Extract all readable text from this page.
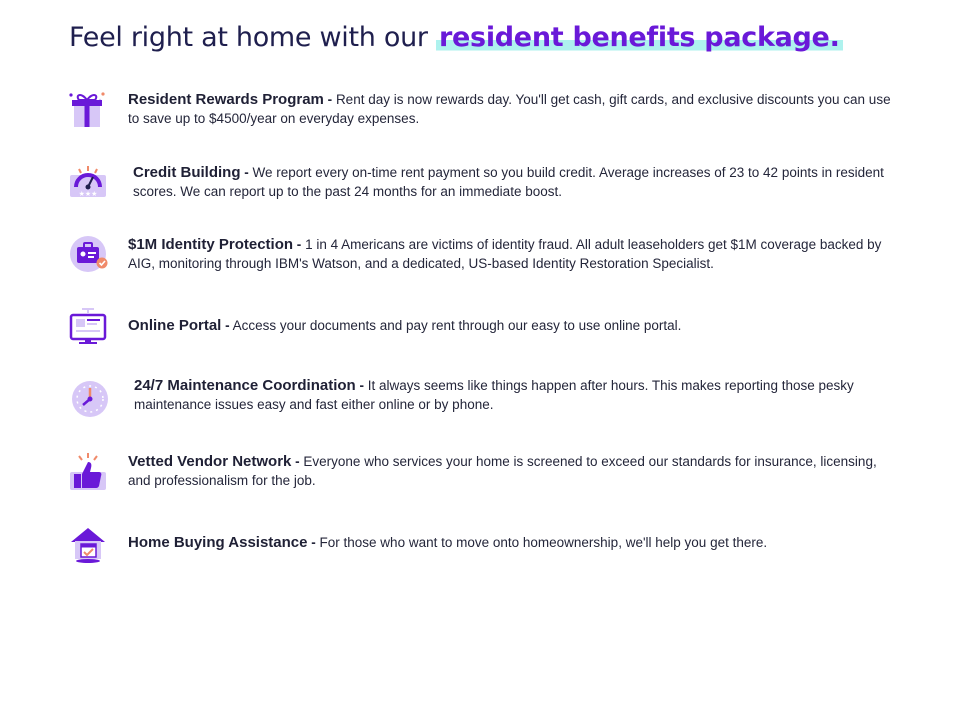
Feel right at home with our resident benefits package.

Resident Rewards Program - Rent day is now rewards day. You'll get cash, gift cards, and exclusive discounts you can use to save up to $4500/year on everyday expenses.

★★★

Credit Building - We report every on-time rent payment so you build credit. Average increases of 23 to 42 points in resident scores. We can report up to the past 24 months for an immediate boost.

$1M Identity Protection - 1 in 4 Americans are victims of identity fraud. All adult leaseholders get $1M coverage backed by AIG, monitoring through IBM's Watson, and a dedicated, US-based Identity Restoration Specialist.

Online Portal - Access your documents and pay rent through our easy to use online portal.

24/7 Maintenance Coordination - It always seems like things happen after hours. This makes reporting those pesky maintenance issues easy and fast either online or by phone.

Vetted Vendor Network - Everyone who services your home is screened to exceed our standards for insurance, licensing, and professionalism for the job.

Home Buying Assistance - For those who want to move onto homeownership, we'll help you get there.
